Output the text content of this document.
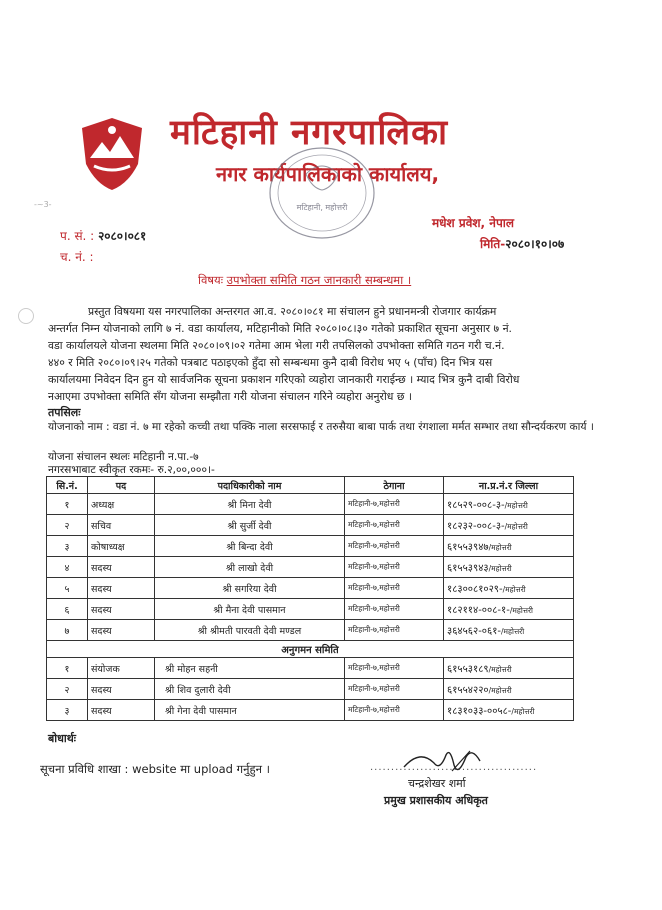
मटिहानी नगरपालिका
नगर कार्यपालिकाको कार्यालय,
मटिहानी, महोत्तरी
-~3-
मधेश प्रवेश, नेपाल
मिति-२०८०।१०।०७
प. सं. : २०८०।०८१
च. नं. :
विषयः उपभोक्ता समिति गठन जानकारी सम्बन्धमा ।
प्रस्तुत विषयमा यस नगरपालिका अन्तरगत आ.व. २०८०।०८१ मा संचालन हुने प्रधानमन्त्री रोजगार कार्यक्रम
अन्तर्गत निम्न योजनाको लागि ७ नं. वडा कार्यालय, मटिहानीको मिति २०८०।०८।३० गतेको प्रकाशित सूचना अनुसार ७ नं.
वडा कार्यालयले योजना स्थलमा मिति २०८०।०९।०२ गतेमा आम भेला गरी तपसिलको उपभोक्ता समिति गठन गरी च.नं.
४४० र मिति २०८०।०९।२५ गतेको पत्रबाट पठाइएको हुँदा सो सम्बन्धमा कुनै दाबी विरोध भए ५ (पाँच) दिन भित्र यस
कार्यालयमा निवेदन दिन हुन यो सार्वजनिक सूचना प्रकाशन गरिएको व्यहोरा जानकारी गराईन्छ । म्याद भित्र कुनै दाबी विरोध
नआएमा उपभोक्ता समिति सँग योजना सम्झौता गरी योजना संचालन गरिने व्यहोरा अनुरोध छ ।
तपसिलः
योजनाको नाम : वडा नं. ७ मा रहेको कच्ची तथा पक्कि नाला सरसफाई र तरुसैया बाबा पार्क तथा रंगशाला मर्मत सम्भार तथा सौन्दर्यकरण कार्य ।
योजना संचालन स्थलः मटिहानी न.पा.-७
नगरसभाबाट स्वीकृत रकमः- रु.२,००,०००।-
सि.नं.	पद	पदाधिकारीको नाम	ठेगाना	ना.प्र.नं.र जिल्ला
१	अध्यक्ष	श्री मिना देवी	मटिहानी-७,महोत्तरी	१८५२९-००८-३-/महोत्तरी
२	सचिव	श्री सुर्जी देवी	मटिहानी-७,महोत्तरी	१८२३२-००८-३-/महोत्तरी
३	कोषाध्यक्ष	श्री बिन्दा देवी	मटिहानी-७,महोत्तरी	६१५५३९४७/महोत्तरी
४	सदस्य	श्री लाखो देवी	मटिहानी-७,महोत्तरी	६१५५३९४३/महोत्तरी
५	सदस्य	श्री सगरिया देवी	मटिहानी-७,महोत्तरी	१८३००८१०२९-/महोत्तरी
६	सदस्य	श्री मैना देवी पासमान	मटिहानी-७,महोत्तरी	१८२११४-००८-१-/महोत्तरी
७	सदस्य	श्री श्रीमती पारवती देवी मण्डल	मटिहानी-७,महोत्तरी	३६४५६२-०६१-/महोत्तरी
अनुगमन समिति				
१	संयोजक	श्री मोहन सहनी	मटिहानी-७,महोत्तरी	६१५५३१८९/महोत्तरी
२	सदस्य	श्री शिव दुलारी देवी	मटिहानी-७,महोत्तरी	६१५५४२२०/महोत्तरी
३	सदस्य	श्री गेना देवी पासमान	मटिहानी-७,महोत्तरी	१८३१०३३-००५८-/महोत्तरी
बोधार्थः
सूचना प्रविधि शाखा : website मा upload गर्नुहुन ।	........................................
चन्द्रशेखर शर्मा
प्रमुख प्रशासकीय अधिकृत
